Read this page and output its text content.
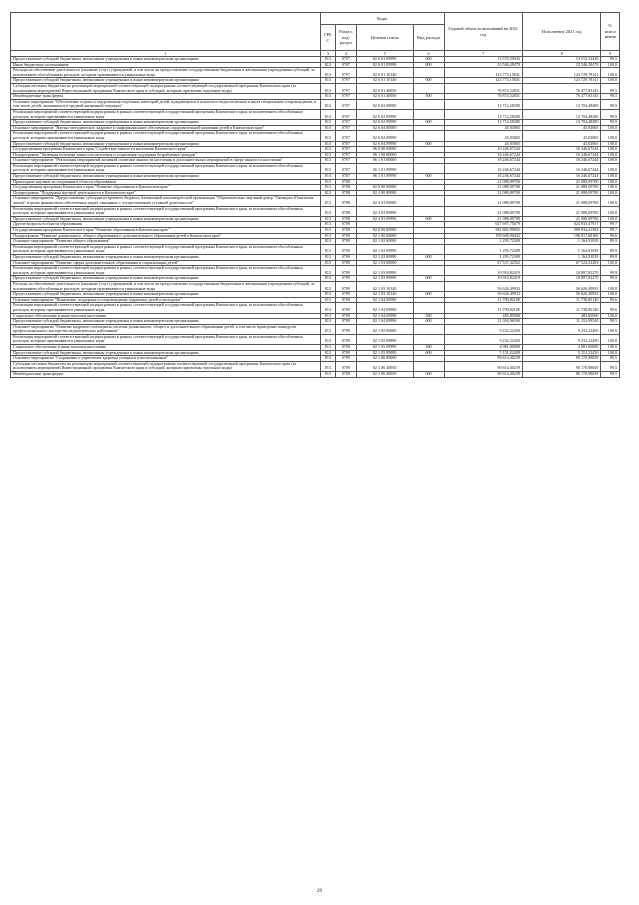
	Коды				Годовой объем ассигнований на 2021 год	Исполнение 2021 год	% испол нения
	ГРБ С	Раздел, под- раздел	Целевая статья	Вид расхода			
1	3	4	5	6	7	8	9
Предоставление субсидий бюджетным, автономным учреждениям и иным некоммерческим организациям	813	0707	02 6 01 09990	600	13 570,50043	13 515,32429	99,5
Иные бюджетные ассигнования	813	0707	02 6 01 09990	800	23 546,28478	23 546,28478	100,0
Расходы на обеспечение деятельности (оказание услуг) учреждений, в том числе на предоставление государственным бюджетным и автономным учреждениям субсидий, за исключением обособленных расходов, которым присваиваются уникальные коды	813	0707	02 6 01 10140		123 773,15841	123 729,78141	100,0
Предоставление субсидий бюджетным, автономным учреждениям и иным некоммерческим организациям	813	0707	02 6 01 10140	600	123 773,15841	123 729,78141	100,0
Субсидии местным бюджетам на реализацию мероприятий соответствующей подпрограммы соответствующей государственной программы Камчатского края (за исключением мероприятий Инвестиционной программы Камчатского края и субсидий, которым присвоены отдельные коды)	813	0707	02 6 01 40050		76 874,52831	76 477,83145	99,5
Межбюджетные трансферты	813	0707	02 6 01 40050	500	76 874,52831	76 477,83145	99,5
Основное мероприятие "Обеспечение отдыха и оздоровления отдельных категорий детей, нуждающихся в психолого-педагогическом и ином специальном сопровождении, в том числе детей, оказавшихся в трудной жизненной ситуации"	813	0707	02 6 02 00000		13 712,28280	13 704,48280	99,9
Реализация мероприятий соответствующей подпрограммы в рамках соответствующей государственной программы Камчатского края, за исключением обособленных расходов, которым присваиваются уникальные коды	813	0707	02 6 02 09990		13 712,28280	13 704,48280	99,9
Предоставление субсидий бюджетным, автономным учреждениям и иным некоммерческим организациям	813	0707	02 6 02 09990	600	13 712,28280	13 704,48280	99,9
Основное мероприятие "Научно-методическое, кадровое и информационное обеспечение оздоровительной кампании детей в Камчатском крае"	813	0707	02 6 04 00000		45,03065	45,03065	100,0
Реализация мероприятий соответствующей подпрограммы в рамках соответствующей государственной программы Камчатского края, за исключением обособленных расходов, которым присваиваются уникальные коды	813	0707	02 6 04 09990		45,03065	45,03065	100,0
Предоставление субсидий бюджетным, автономным учреждениям и иным некоммерческим организациям	813	0707	02 6 04 09990	600	45,03065	45,03065	100,0
Государственная программа Камчатского края "Содействие занятости населения Камчатского края"	813	0707	06 0 00 00000		16 246,67244	16 246,67244	100,0
Подпрограмма "Активная политика занятости населения и социальная поддержка безработных граждан"	813	0707	06 1 00 00000		16 246,67244	16 246,67244	100,0
Основное мероприятие "Реализация мероприятий активной политики занятости населения и дополнительных мероприятий в сфере занятости населения"	813	0707	06 1 01 00000		16 246,67244	16 246,67244	100,0
Реализация мероприятий соответствующей подпрограммы в рамках соответствующей государственной программы Камчатского края, за исключением обособленных расходов, которым присваиваются уникальные коды	813	0707	06 1 01 09990		16 246,67244	16 246,67244	100,0
Предоставление субсидий бюджетным, автономным учреждениям и иным некоммерческим организациям	813	0707	06 1 01 09990	600	16 246,67244	16 246,67244	100,0
Прикладные научные исследования в области образования	813	0708			21 088,09700	21 088,09700	100,0
Государственная программа Камчатского края "Развитие образования в Камчатском крае"	813	0708	02 0 00 00000		21 088,09700	21 088,09700	100,0
Подпрограмма "Поддержка научной деятельности в Камчатском крае"	813	0708	02 4 00 00000		21 088,09700	21 088,09700	100,0
Основное мероприятие "Предоставление субсидии из краевого бюджета Автономной некоммерческой организации "Образовательно-научный центр "Океанума (Озитиская земля)" в целях финансового обеспечения затрат, связанных с осуществлением уставной деятельности"	813	0708	02 4 03 00000		21 088,09700	21 088,09700	100,0
Реализация мероприятий соответствующей подпрограммы в рамках соответствующей государственной программы Камчатского края, за исключением обособленных расходов, которым присваиваются уникальные коды	813	0708	02 4 03 09990		21 088,09700	21 088,09700	100,0
Предоставление субсидий бюджетным, автономным учреждениям и иным некоммерческим организациям	813	0708	02 4 03 09990	600	21 088,09700	21 088,09700	100,0
Другие вопросы в области образования	813	0709			627 697,75079	624 933,47917	99,7
Государственная программа Камчатского края "Развитие образования в Камчатском крае"	813	0709	02 0 00 00000		582 802,99692	580 934,41304	99,7
Подпрограмма "Развитие дошкольного, общего образования и дополнительного образования детей в Камчатском крае"	813	0709	02 1 00 00000		199 608,90432	198 917,68100	99,6
Основное мероприятие "Развитие общего образования"	813	0709	02 1 02 00000		1 295,72309	1 164,91039	89,9
Реализация мероприятий соответствующей подпрограммы в рамках соответствующей государственной программы Камчатского края, за исключением обособленных расходов, которым присваиваются уникальные коды	813	0709	02 1 02 09990		1 295,72309	1 164,91039	89,9
Предоставление субсидий бюджетным, автономным учреждениям и иным некоммерческим организациям	813	0709	02 1 02 09990	600	1 295,72309	1 164,91039	89,9
Основное мероприятие "Развитие сферы дополнительного образования и социализации детей"	813	0709	02 1 03 00000		67 537,32352	67 524,32203	100,0
Реализация мероприятий соответствующей подпрограммы в рамках соответствующей государственной программы Камчатского края, за исключением обособленных расходов, которым присваиваются уникальные коды	813	0709	02 1 03 09990		10 910,82419	10 897,82270	99,9
Предоставление субсидий бюджетным, автономным учреждениям и иным некоммерческим организациям	813	0709	02 1 03 09990	600	10 910,82419	10 897,82270	99,9
Расходы на обеспечение деятельности (оказание услуг) учреждений, в том числе на предоставление государственным бюджетным и автономным учреждениям субсидий, за исключением обособленных расходов, которым присваиваются уникальные коды	813	0709	02 1 03 10140		56 626,49933	56 626,49933	100,0
Предоставление субсидий бюджетным, автономным учреждениям и иным некоммерческим организациям	813	0709	02 1 03 10140	600	56 626,49933	56 626,49933	100,0
Основное мероприятие "Выявление, поддержка и сопровождение одаренных детей и молодежи"	813	0709	02 1 04 00000		11 790,82100	11 738,85140	99,6
Реализация мероприятий соответствующей подпрограммы в рамках соответствующей государственной программы Камчатского края, за исключением обособленных расходов, которым присваиваются уникальные коды	813	0709	02 1 04 09990		11 790,82100	11 738,85140	99,6
Социальное обеспечение и иные выплаты населению	813	0709	02 1 04 09990	300	485,85000	485,85000	100,0
Предоставление субсидий бюджетным, автономным учреждениям и иным некоммерческим организациям	813	0709	02 1 04 09990	600	11 304,96500	11 252,99540	99,5
Основное мероприятие "Развитие кадрового потенциала системы дошкольного, общего и дополнительного образования детей, в том числе проведение конкурсов профессионального мастерства педагогических работников"	813	0709	02 1 05 00000		9 232,22450	9 232,22450	100,0
Реализация мероприятий соответствующей подпрограммы в рамках соответствующей государственной программы Камчатского края, за исключением обособленных расходов, которым присваиваются уникальные коды	813	0709	02 1 05 09990		9 232,22450	9 232,22450	100,0
Социальное обеспечение и иные выплаты населению	813	0709	02 1 05 09990	300	4 081,00000	4 081,00000	100,0
Предоставление субсидий бюджетным, автономным учреждениям и иным некоммерческим организациям	813	0709	02 1 05 09990	600	5 151,22450	5 151,22450	100,0
Основное мероприятие "Сохранение и укрепление здоровья учащихся и воспитанников"	813	0709	02 1 06 00000		90 614,40239	90 170,98039	99,5
Субсидии местным бюджетам на реализацию мероприятий соответствующей подпрограммы соответствующей государственной программы Камчатского края (за исключением мероприятий Инвестиционной программы Камчатского края и субсидий, которым присвоены отдельные коды)	813	0709	02 1 06 40050		90 614,40239	90 170,98039	99,5
Межбюджетные трансферты	813	0709	02 1 06 40050	500	90 614,40239	90 170,98039	99,5
29
